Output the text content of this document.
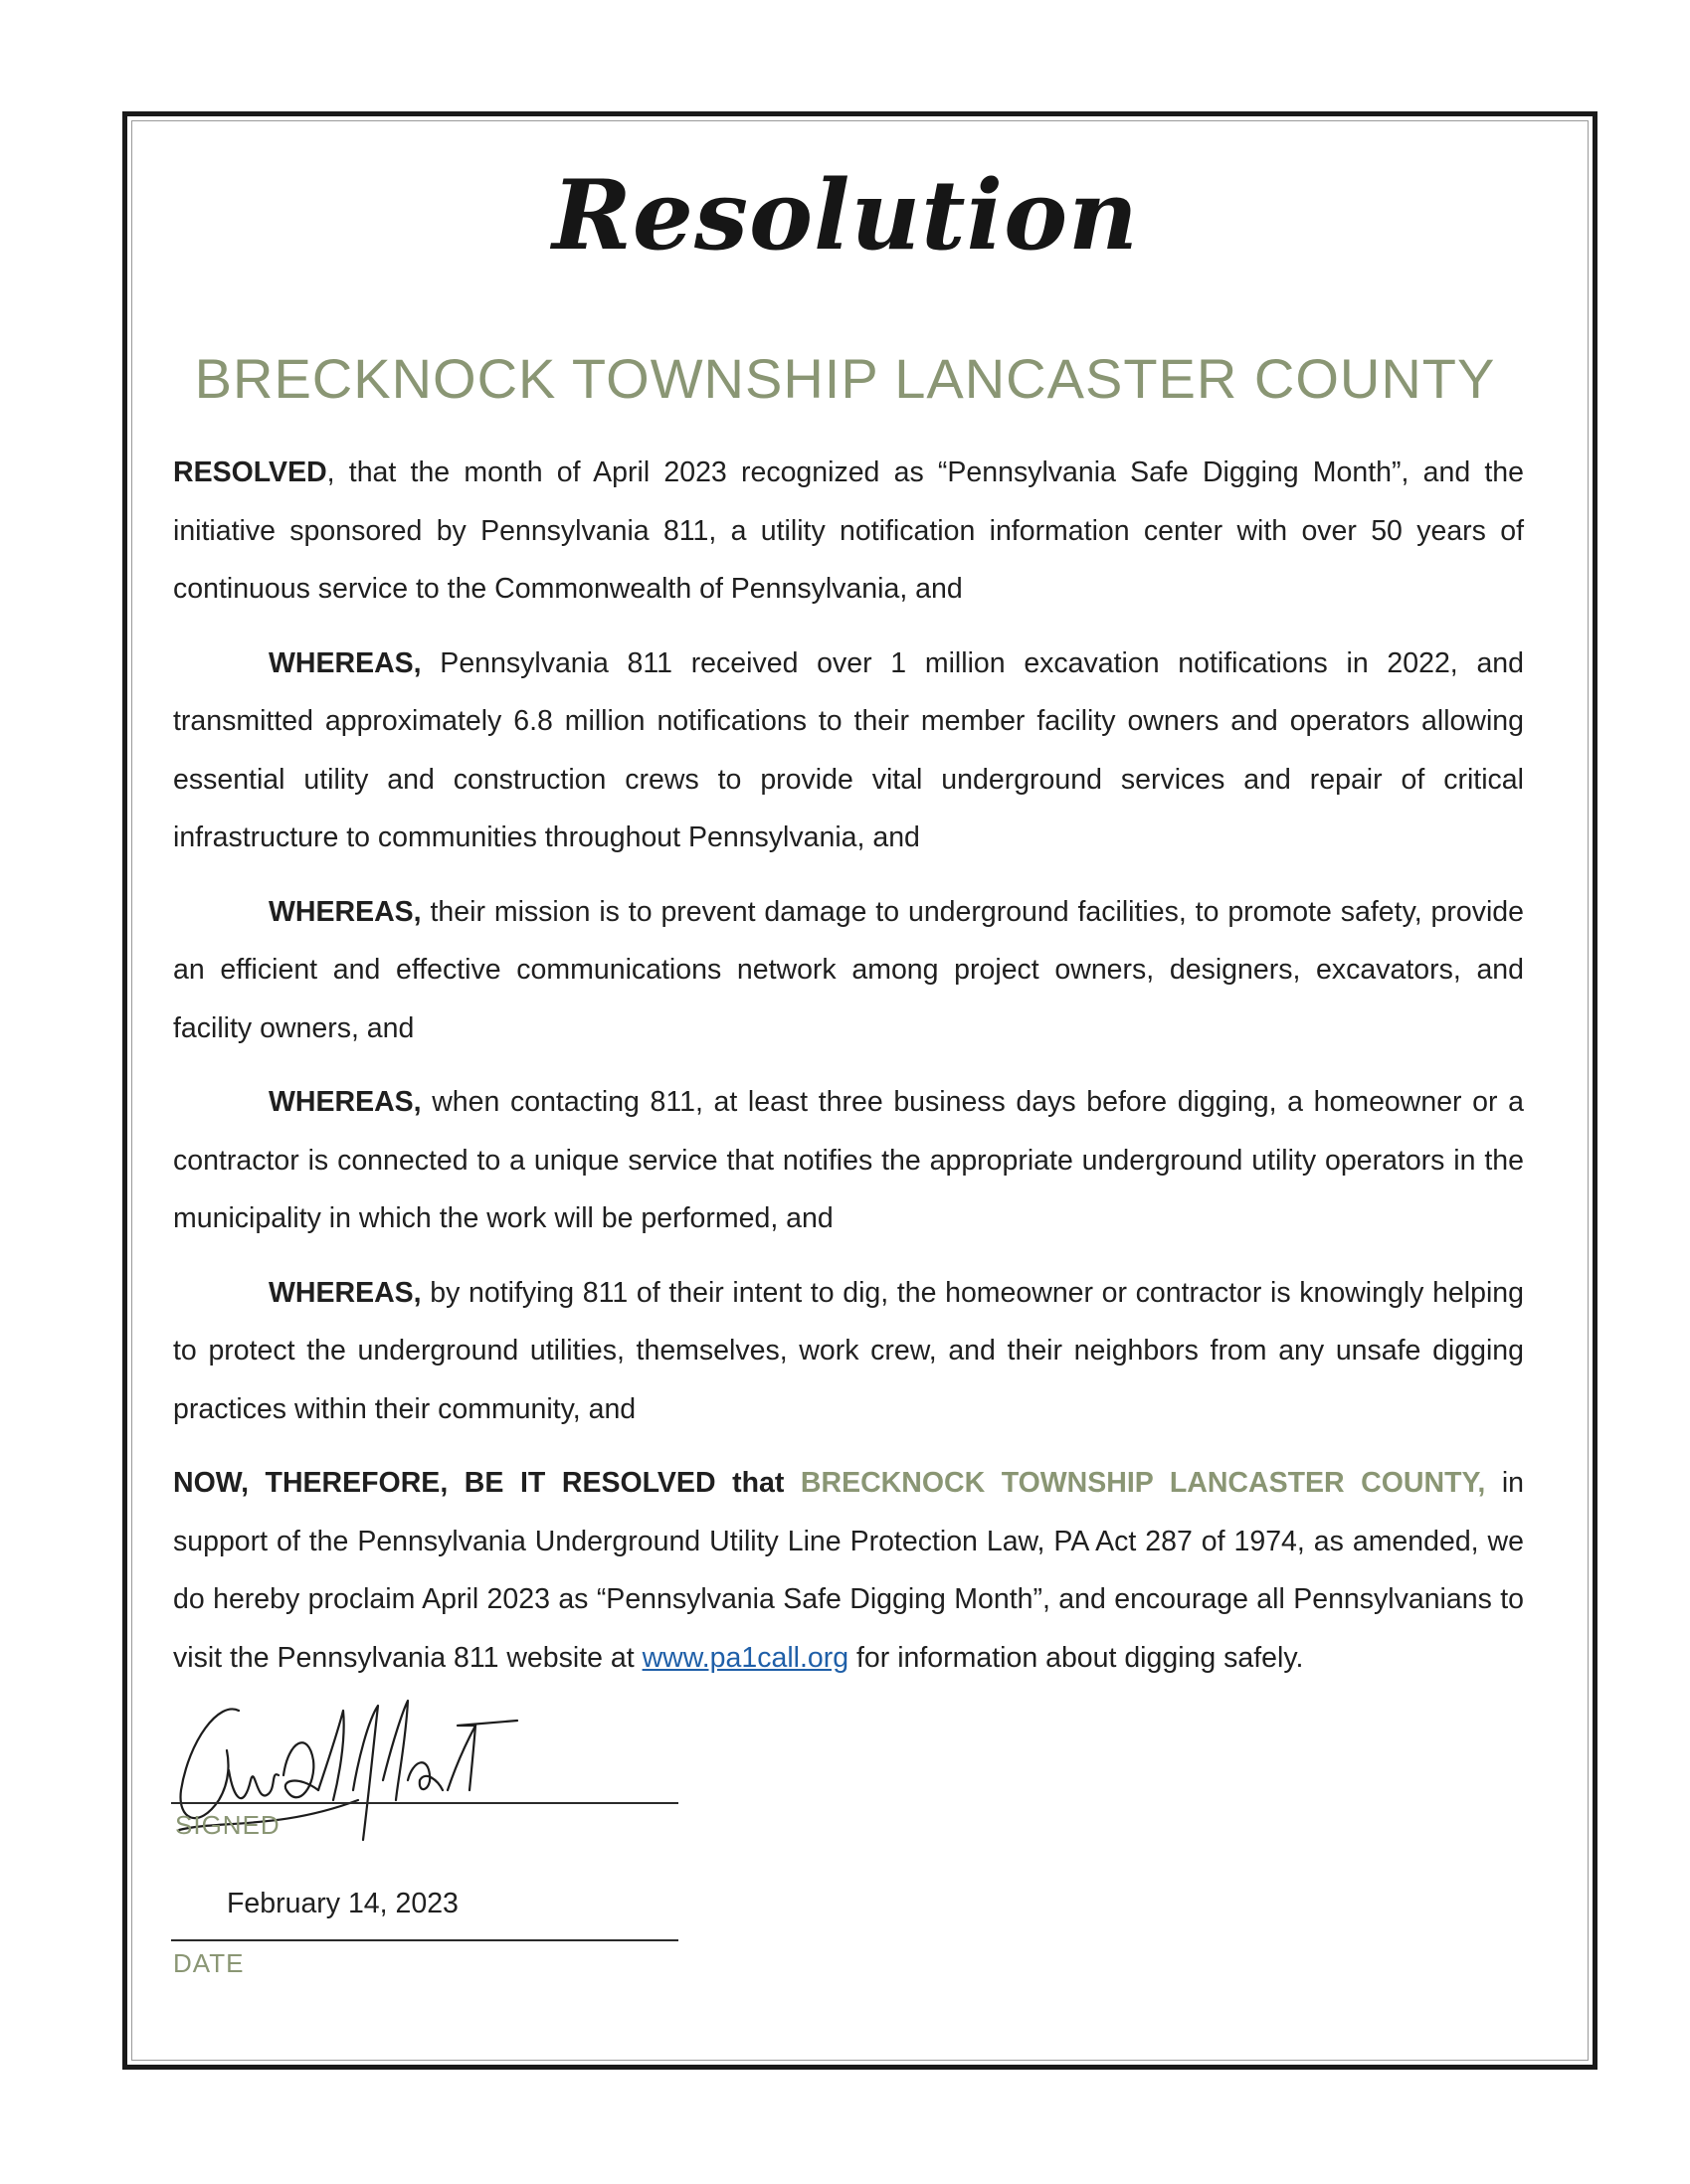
Resolution
BRECKNOCK TOWNSHIP LANCASTER COUNTY

RESOLVED, that the month of April 2023 recognized as “Pennsylvania Safe Digging Month”, and the initiative sponsored by Pennsylvania 811, a utility notification information center with over 50 years of continuous service to the Commonwealth of Pennsylvania, and

WHEREAS, Pennsylvania 811 received over 1 million excavation notifications in 2022, and transmitted approximately 6.8 million notifications to their member facility owners and operators allowing essential utility and construction crews to provide vital underground services and repair of critical infrastructure to communities throughout Pennsylvania, and

WHEREAS, their mission is to prevent damage to underground facilities, to promote safety, provide an efficient and effective communications network among project owners, designers, excavators, and facility owners, and

WHEREAS, when contacting 811, at least three business days before digging, a homeowner or a contractor is connected to a unique service that notifies the appropriate underground utility operators in the municipality in which the work will be performed, and

WHEREAS, by notifying 811 of their intent to dig, the homeowner or contractor is knowingly helping to protect the underground utilities, themselves, work crew, and their neighbors from any unsafe digging practices within their community, and

NOW, THEREFORE, BE IT RESOLVED that BRECKNOCK TOWNSHIP LANCASTER COUNTY, in support of the Pennsylvania Underground Utility Line Protection Law, PA Act 287 of 1974, as amended, we do hereby proclaim April 2023 as “Pennsylvania Safe Digging Month”, and encourage all Pennsylvanians to visit the Pennsylvania 811 website at www.pa1call.org for information about digging safely.

SIGNED
February 14, 2023
DATE
